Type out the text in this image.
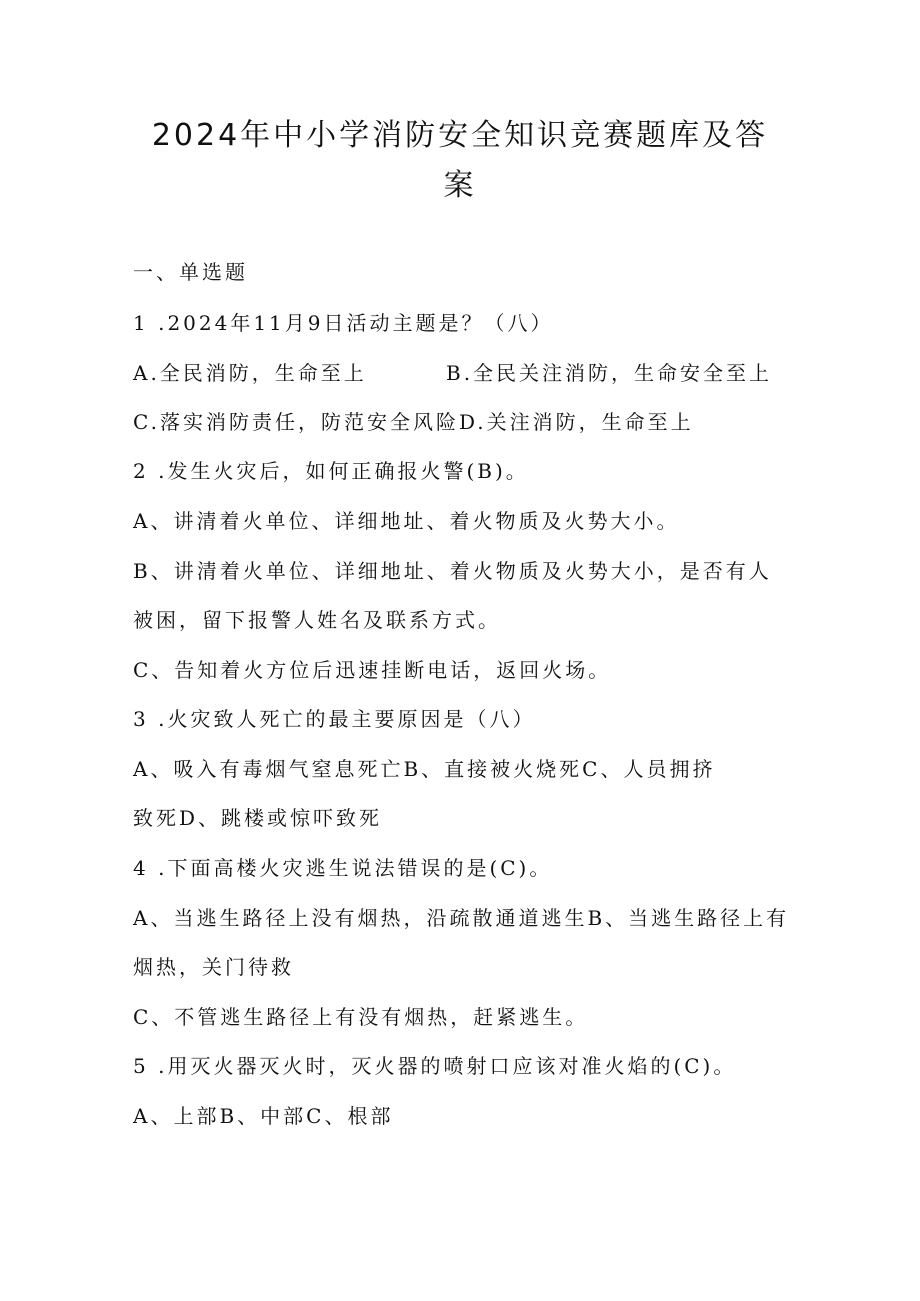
2024年中小学消防安全知识竞赛题库及答
案
一、单选题
1 .2024年11月9日活动主题是？（八）
A.全民消防，生命至上	B.全民关注消防，生命安全至上
C.落实消防责任，防范安全风险D.关注消防，生命至上
2 .发生火灾后，如何正确报火警(B)。
A、讲清着火单位、详细地址、着火物质及火势大小。
B、讲清着火单位、详细地址、着火物质及火势大小，是否有人
被困，留下报警人姓名及联系方式。
C、告知着火方位后迅速挂断电话，返回火场。
3 .火灾致人死亡的最主要原因是（八）
A、吸入有毒烟气窒息死亡B、直接被火烧死C、人员拥挤
致死D、跳楼或惊吓致死
4 .下面高楼火灾逃生说法错误的是(C)。
A、当逃生路径上没有烟热，沿疏散通道逃生B、当逃生路径上有
烟热，关门待救
C、不管逃生路径上有没有烟热，赶紧逃生。
5 .用灭火器灭火时，灭火器的喷射口应该对准火焰的(C)。
A、上部B、中部C、根部
